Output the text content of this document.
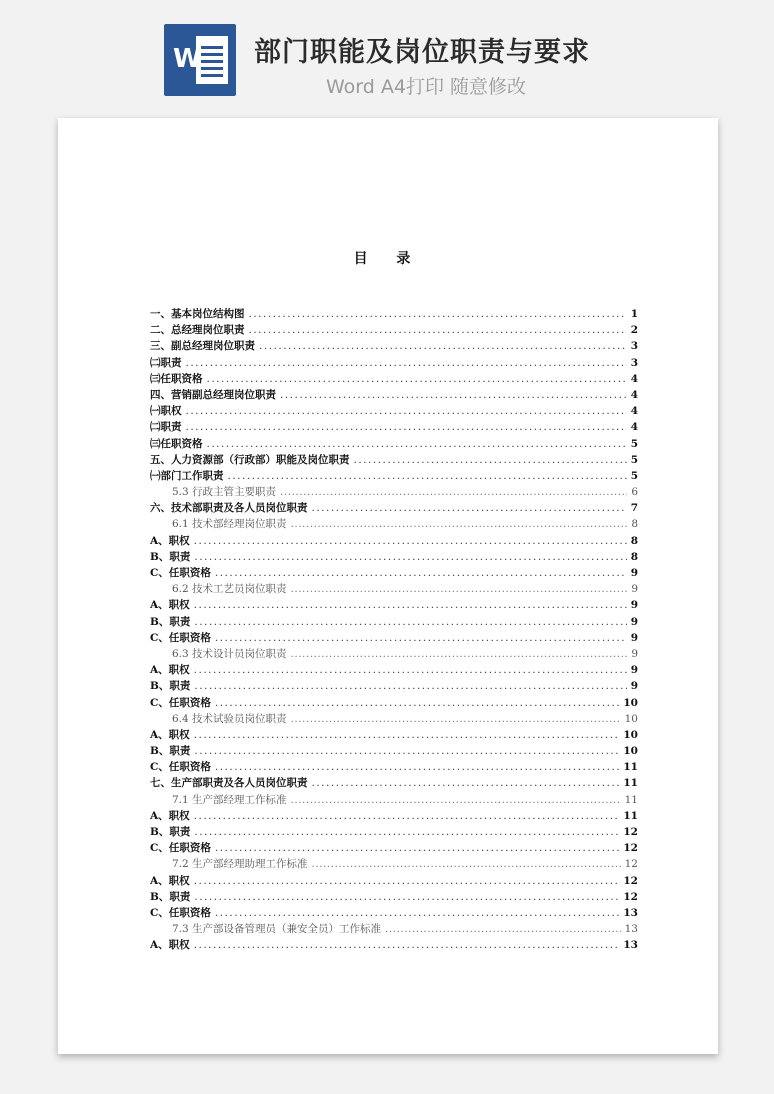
W 部门职能及岗位职责与要求
Word A4打印 随意修改
目 录
一、基本岗位结构图 .....	1
二、总经理岗位职责 .....	2
三、副总经理岗位职责 .....	3
㈡职责 .....	3
㈢任职资格 .....	4
四、营销副总经理岗位职责 .....	4
㈠职权 .....	4
㈡职责 .....	4
㈢任职资格 .....	5
五、人力资源部（行政部）职能及岗位职责 .....	5
㈠部门工作职责 .....	5
5.3 行政主管主要职责 .....	6
六、技术部职责及各人员岗位职责 .....	7
6.1 技术部经理岗位职责 .....	8
A、职权 .....	8
B、职责 .....	8
C、任职资格 .....	9
6.2 技术工艺员岗位职责 .....	9
A、职权 .....	9
B、职责 .....	9
C、任职资格 .....	9
6.3 技术设计员岗位职责 .....	9
A、职权 .....	9
B、职责 .....	9
C、任职资格 .....	10
6.4 技术试验员岗位职责 .....	10
A、职权 .....	10
B、职责 .....	10
C、任职资格 .....	11
七、生产部职责及各人员岗位职责 .....	11
7.1 生产部经理工作标准 .....	11
A、职权 .....	11
B、职责 .....	12
C、任职资格 .....	12
7.2 生产部经理助理工作标准 .....	12
A、职权 .....	12
B、职责 .....	12
C、任职资格 .....	13
7.3 生产部设备管理员（兼安全员）工作标准 .....	13
A、职权 .....	13
